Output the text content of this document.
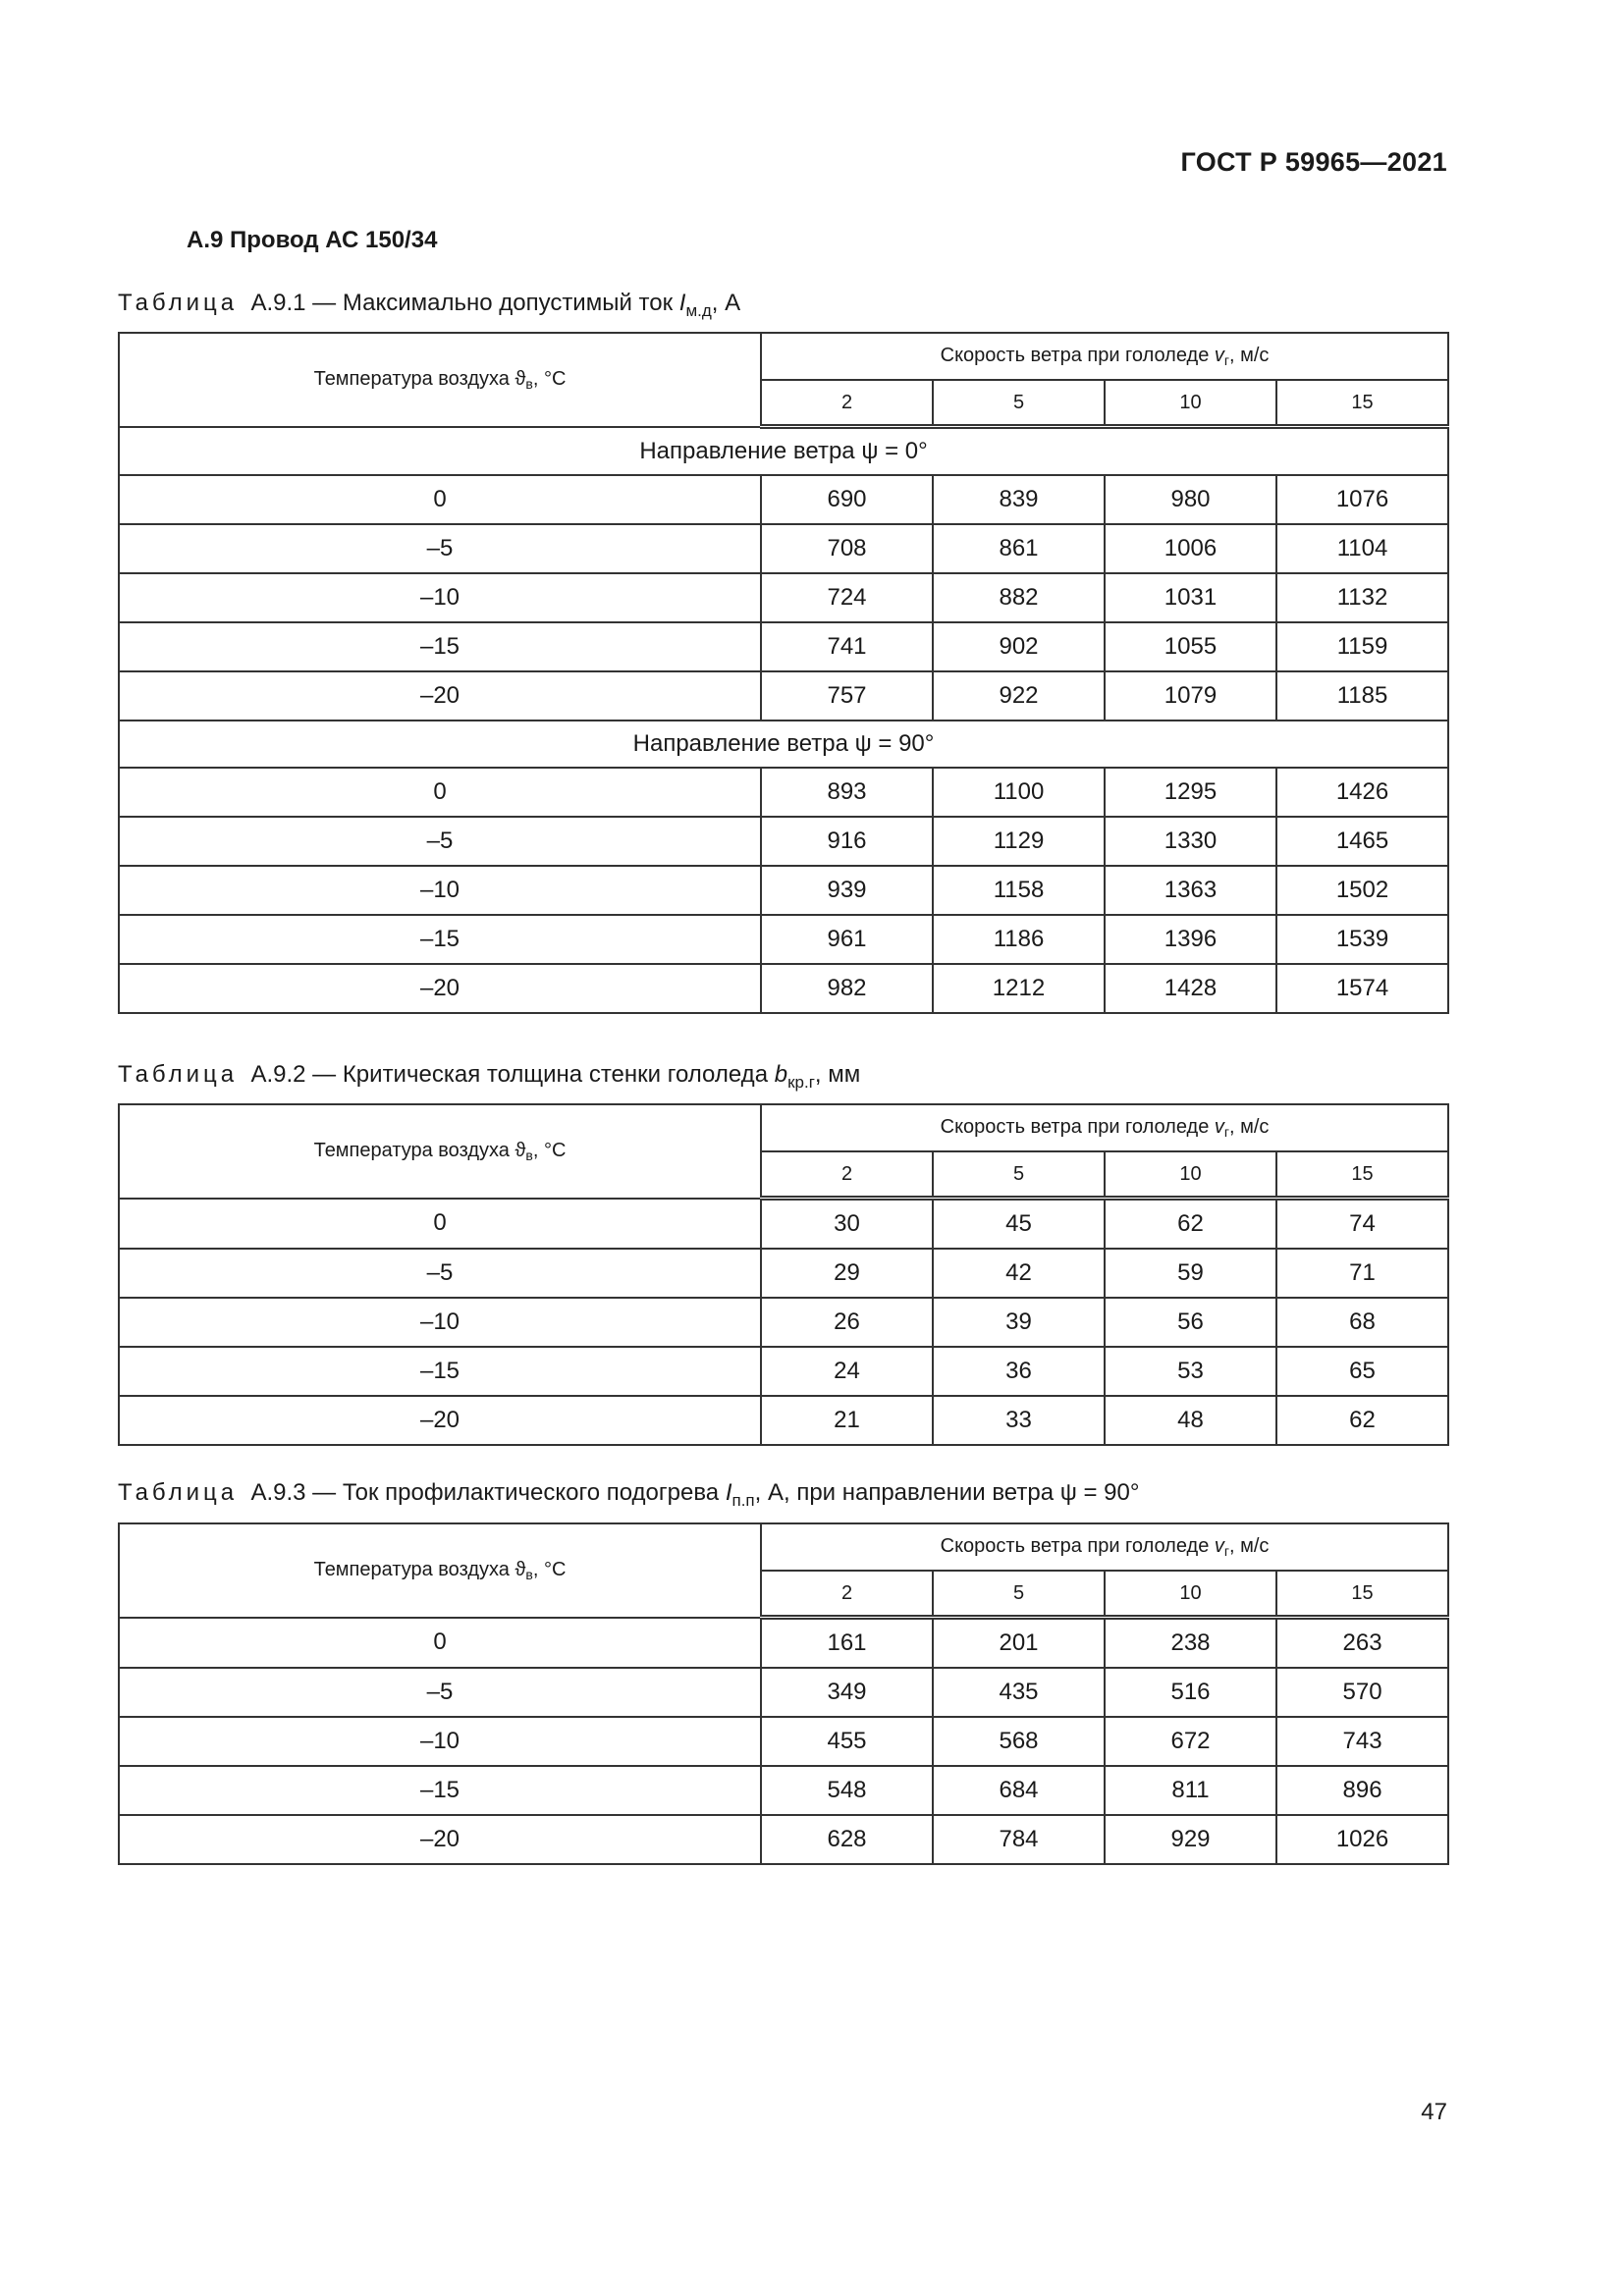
ГОСТ Р 59965—2021
А.9 Провод АС 150/34
Таблица А.9.1 — Максимально допустимый ток $I_{м.д}$, А
Температура воздуха $ϑ_в$, °C	Скорость ветра при гололеде $v_г$, м/с			
	2	5	10	15
Направление ветра ψ = 0°				
0	690	839	980	1076
–5	708	861	1006	1104
–10	724	882	1031	1132
–15	741	902	1055	1159
–20	757	922	1079	1185
Направление ветра ψ = 90°				
0	893	1100	1295	1426
–5	916	1129	1330	1465
–10	939	1158	1363	1502
–15	961	1186	1396	1539
–20	982	1212	1428	1574
Таблица А.9.2 — Критическая толщина стенки гололеда $b_{кр.г}$, мм
Температура воздуха $ϑ_в$, °C	Скорость ветра при гололеде $v_г$, м/с			
	2	5	10	15
0	30	45	62	74
–5	29	42	59	71
–10	26	39	56	68
–15	24	36	53	65
–20	21	33	48	62
Таблица А.9.3 — Ток профилактического подогрева $I_{п.п}$, А, при направлении ветра ψ = 90°
Температура воздуха $ϑ_в$, °C	Скорость ветра при гололеде $v_г$, м/с			
	2	5	10	15
0	161	201	238	263
–5	349	435	516	570
–10	455	568	672	743
–15	548	684	811	896
–20	628	784	929	1026
47
